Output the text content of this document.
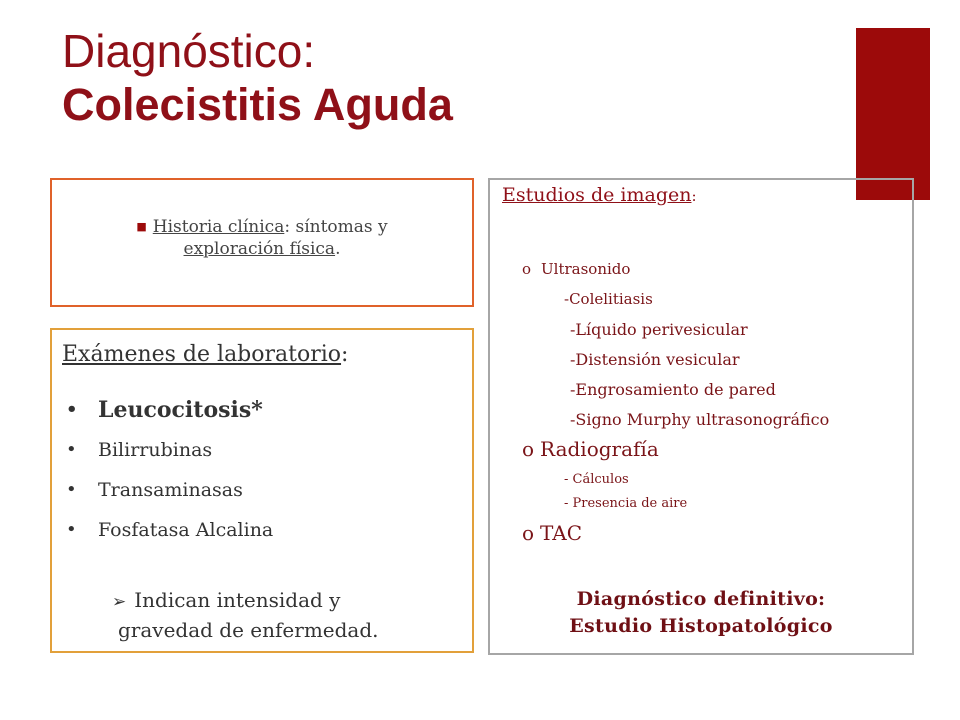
Diagnóstico:
Colecistitis Aguda
■ Historia clínica: síntomas y
exploración física.
Exámenes de laboratorio:
• Leucocitosis*
• Bilirrubinas
• Transaminasas
• Fosfatasa Alcalina
➢ Indican intensidad y
gravedad de enfermedad.
Estudios de imagen:
o Ultrasonido
-Colelitiasis
-Líquido perivesicular
-Distensión vesicular
-Engrosamiento de pared
-Signo Murphy ultrasonográfico
o Radiografía
- Cálculos
- Presencia de aire
o TAC
Diagnóstico definitivo:
Estudio Histopatológico
